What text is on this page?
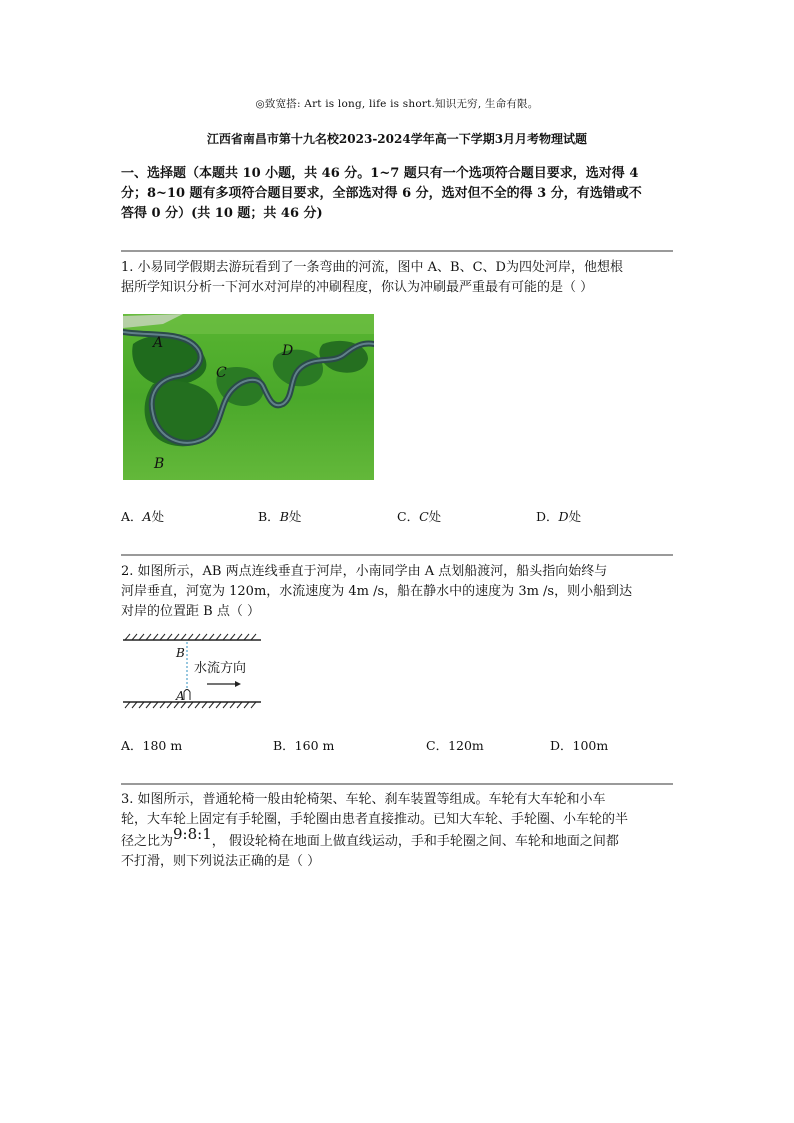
◎致宽搭: Art is long, life is short.知识无穷, 生命有限。
江西省南昌市第十九名校2023-2024学年高一下学期3月月考物理试题
一、选择题（本题共 10 小题，共 46 分。1~7 题只有一个选项符合题目要求，选对得 4
分；8~10 题有多项符合题目要求，全部选对得 6 分，选对但不全的得 3 分，有选错或不
答得 0 分）(共 10 题；共 46 分)
1. 小易同学假期去游玩看到了一条弯曲的河流，图中 A、B、C、D为四处河岸，他想根
据所学知识分析一下河水对河岸的冲刷程度，你认为冲刷最严重最有可能的是（ ）
A
B
C
D
A．A处	B．B处	C．C处	D．D处
2. 如图所示，AB 两点连线垂直于河岸，小南同学由 A 点划船渡河，船头指向始终与
河岸垂直，河宽为 120m，水流速度为 4m /s，船在静水中的速度为 3m /s，则小船到达
对岸的位置距 B 点（ ）
B
A
水流方向
A．180 m	B．160 m	C．120m	D．100m
3. 如图所示，普通轮椅一般由轮椅架、车轮、刹车装置等组成。车轮有大车轮和小车
轮，大车轮上固定有手轮圈，手轮圈由患者直接推动。已知大车轮、手轮圈、小车轮的半
径之比为9:8:1， 假设轮椅在地面上做直线运动，手和手轮圈之间、车轮和地面之间都
不打滑，则下列说法正确的是（ ）
